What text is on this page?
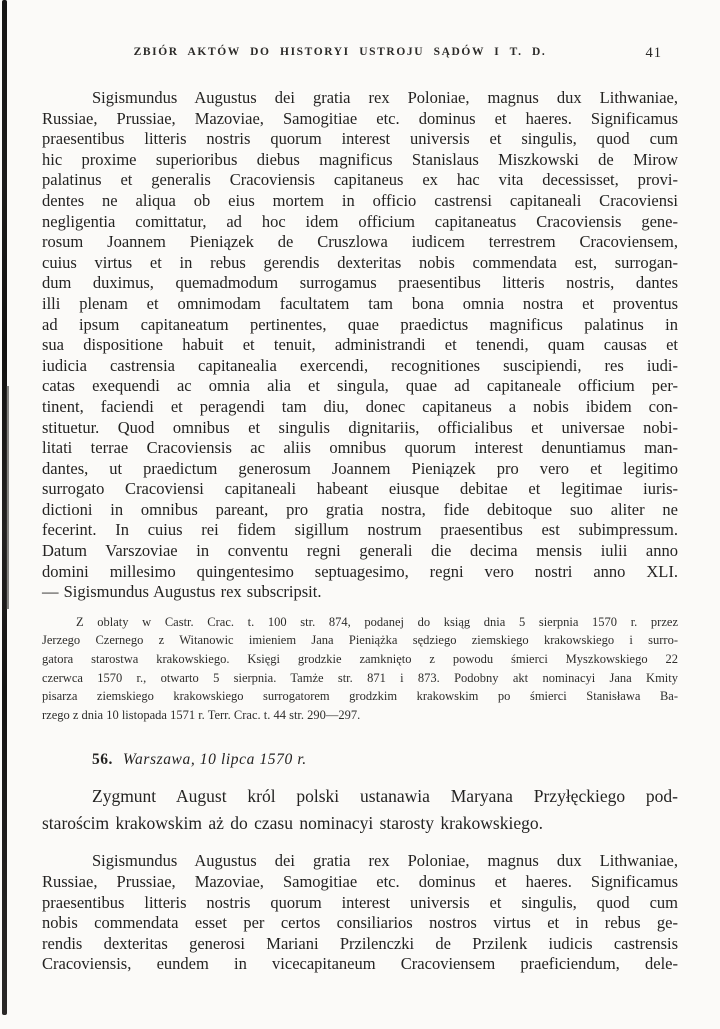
ZBIÓR AKTÓW DO HISTORYI USTROJU SĄDÓW I T. D.	41
Sigismundus Augustus dei gratia rex Poloniae, magnus dux Lithwaniae,
Russiae, Prussiae, Mazoviae, Samogitiae etc. dominus et haeres. Significamus
praesentibus litteris nostris quorum interest universis et singulis, quod cum
hic proxime superioribus diebus magnificus Stanislaus Miszkowski de Mirow
palatinus et generalis Cracoviensis capitaneus ex hac vita decessisset, provi-
dentes ne aliqua ob eius mortem in officio castrensi capitaneali Cracoviensi
negligentia comittatur, ad hoc idem officium capitaneatus Cracoviensis gene-
rosum Joannem Pieniązek de Cruszlowa iudicem terrestrem Cracoviensem,
cuius virtus et in rebus gerendis dexteritas nobis commendata est, surrogan-
dum duximus, quemadmodum surrogamus praesentibus litteris nostris, dantes
illi plenam et omnimodam facultatem tam bona omnia nostra et proventus
ad ipsum capitaneatum pertinentes, quae praedictus magnificus palatinus in
sua dispositione habuit et tenuit, administrandi et tenendi, quam causas et
iudicia castrensia capitanealia exercendi, recognitiones suscipiendi, res iudi-
catas exequendi ac omnia alia et singula, quae ad capitaneale officium per-
tinent, faciendi et peragendi tam diu, donec capitaneus a nobis ibidem con-
stituetur. Quod omnibus et singulis dignitariis, officialibus et universae nobi-
litati terrae Cracoviensis ac aliis omnibus quorum interest denuntiamus man-
dantes, ut praedictum generosum Joannem Pieniązek pro vero et legitimo
surrogato Cracoviensi capitaneali habeant eiusque debitae et legitimae iuris-
dictioni in omnibus pareant, pro gratia nostra, fide debitoque suo aliter ne
fecerint. In cuius rei fidem sigillum nostrum praesentibus est subimpressum.
Datum Varszoviae in conventu regni generali die decima mensis iulii anno
domini millesimo quingentesimo septuagesimo, regni vero nostri anno XLI.
— Sigismundus Augustus rex subscripsit.
Z oblaty w Castr. Crac. t. 100 str. 874, podanej do ksiąg dnia 5 sierpnia 1570 r. przez
Jerzego Czernego z Witanowic imieniem Jana Pieniążka sędziego ziemskiego krakowskiego i surro-
gatora starostwa krakowskiego. Księgi grodzkie zamknięto z powodu śmierci Myszkowskiego 22
czerwca 1570 r., otwarto 5 sierpnia. Tamże str. 871 i 873. Podobny akt nominacyi Jana Kmity
pisarza ziemskiego krakowskiego surrogatorem grodzkim krakowskim po śmierci Stanisława Ba-
rzego z dnia 10 listopada 1571 r. Terr. Crac. t. 44 str. 290—297.
56. Warszawa, 10 lipca 1570 r.
Zygmunt August król polski ustanawia Maryana Przyłęckiego pod-
starościm krakowskim aż do czasu nominacyi starosty krakowskiego.
Sigismundus Augustus dei gratia rex Poloniae, magnus dux Lithwaniae,
Russiae, Prussiae, Mazoviae, Samogitiae etc. dominus et haeres. Significamus
praesentibus litteris nostris quorum interest universis et singulis, quod cum
nobis commendata esset per certos consiliarios nostros virtus et in rebus ge-
rendis dexteritas generosi Mariani Przilenczki de Przilenk iudicis castrensis
Cracoviensis, eundem in vicecapitaneum Cracoviensem praeficiendum, dele-
